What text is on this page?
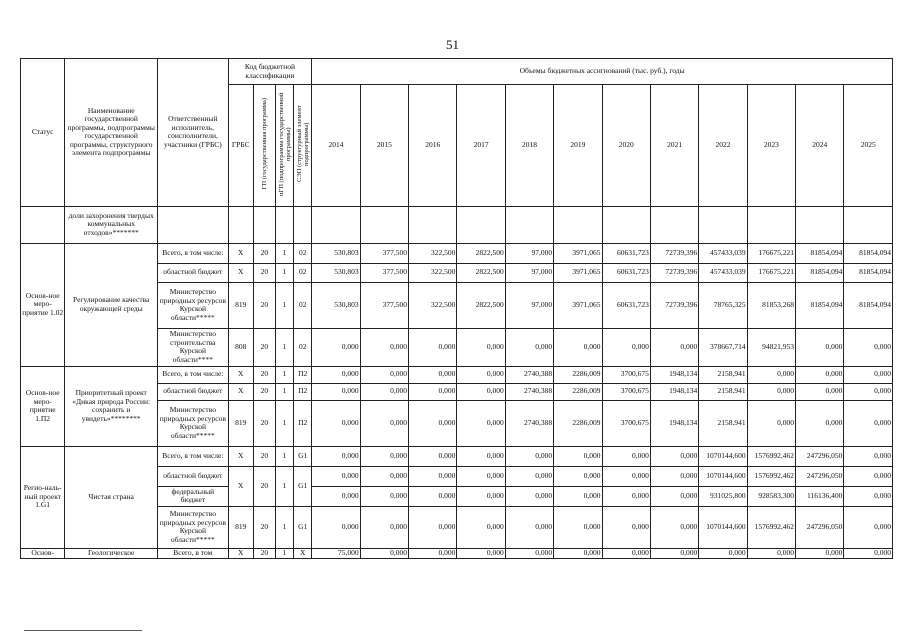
51
Статус	Наименование государственной программы, подпрограммы государственной программы, структурного элемента подпрограммы	Ответственный исполнитель, соисполнители, участники (ГРБС)	Код бюджетной классификации				Объемы бюджетных ассигнований (тыс. руб.), годы											
			ГРБС	ГП (государственная программа)	пГП (подпрограмма государственной программы)	СЭП (структурный элемент подпрограммы)	2014	2015	2016	2017	2018	2019	2020	2021	2022	2023	2024	2025
	доли захоронения твердых коммунальных отходов»*******																	
Основ-ное меро-приятие 1.02	Регулирование качества окружающей среды	Всего, в том числе:	Х	20	1	02	530,803	377,500	322,500	2822,500	97,000	3971,065	60631,723	72739,396	457433,039	176675,221	81854,094	81854,094
		областной бюджет	Х	20	1	02	530,803	377,500	322,500	2822,500	97,000	3971,065	60631,723	72739,396	457433,039	176675,221	81854,094	81854,094
		Министерство природных ресурсов Курской области*****	819	20	1	02	530,803	377,500	322,500	2822,500	97,000	3971,065	60631,723	72739,396	78765,325	81853,268	81854,094	81854,094
		Министерство строительства Курской области****	808	20	1	02	0,000	0,000	0,000	0,000	0,000	0,000	0,000	0,000	378667,714	94821,953	0,000	0,000
Основ-ное меро-приятие 1.П2	Приоритетный проект «Дикая природа России: сохранить и увидеть»********	Всего, в том числе:	Х	20	1	П2	0,000	0,000	0,000	0,000	2740,388	2286,009	3700,675	1948,134	2158,941	0,000	0,000	0,000
		областной бюджет	Х	20	1	П2	0,000	0,000	0,000	0,000	2740,388	2286,009	3700,675	1948,134	2158,941	0,000	0,000	0,000
		Министерство природных ресурсов Курской области*****	819	20	1	П2	0,000	0,000	0,000	0,000	2740,388	2286,009	3700,675	1948,134	2158,941	0,000	0,000	0,000
Регио-наль-ный проект 1.G1	Чистая страна	Всего, в том числе:	Х	20	1	G1	0,000	0,000	0,000	0,000	0,000	0,000	0,000	0,000	1070144,600	1576992,462	247296,050	0,000
		областной бюджет	Х	20	1	G1	0,000	0,000	0,000	0,000	0,000	0,000	0,000	0,000	1070144,600	1576992,462	247296,050	0,000
		федеральный бюджет					0,000	0,000	0,000	0,000	0,000	0,000	0,000	0,000	931025,800	928583,300	116136,400	0,000
		Министерство природных ресурсов Курской области*****	819	20	1	G1	0,000	0,000	0,000	0,000	0,000	0,000	0,000	0,000	1070144,600	1576992,462	247296,050	0,000
Основ-	Геологическое	Всего, в том	Х	20	1	Х	75,000	0,000	0,000	0,000	0,000	0,000	0,000	0,000	0,000	0,000	0,000	0,000
